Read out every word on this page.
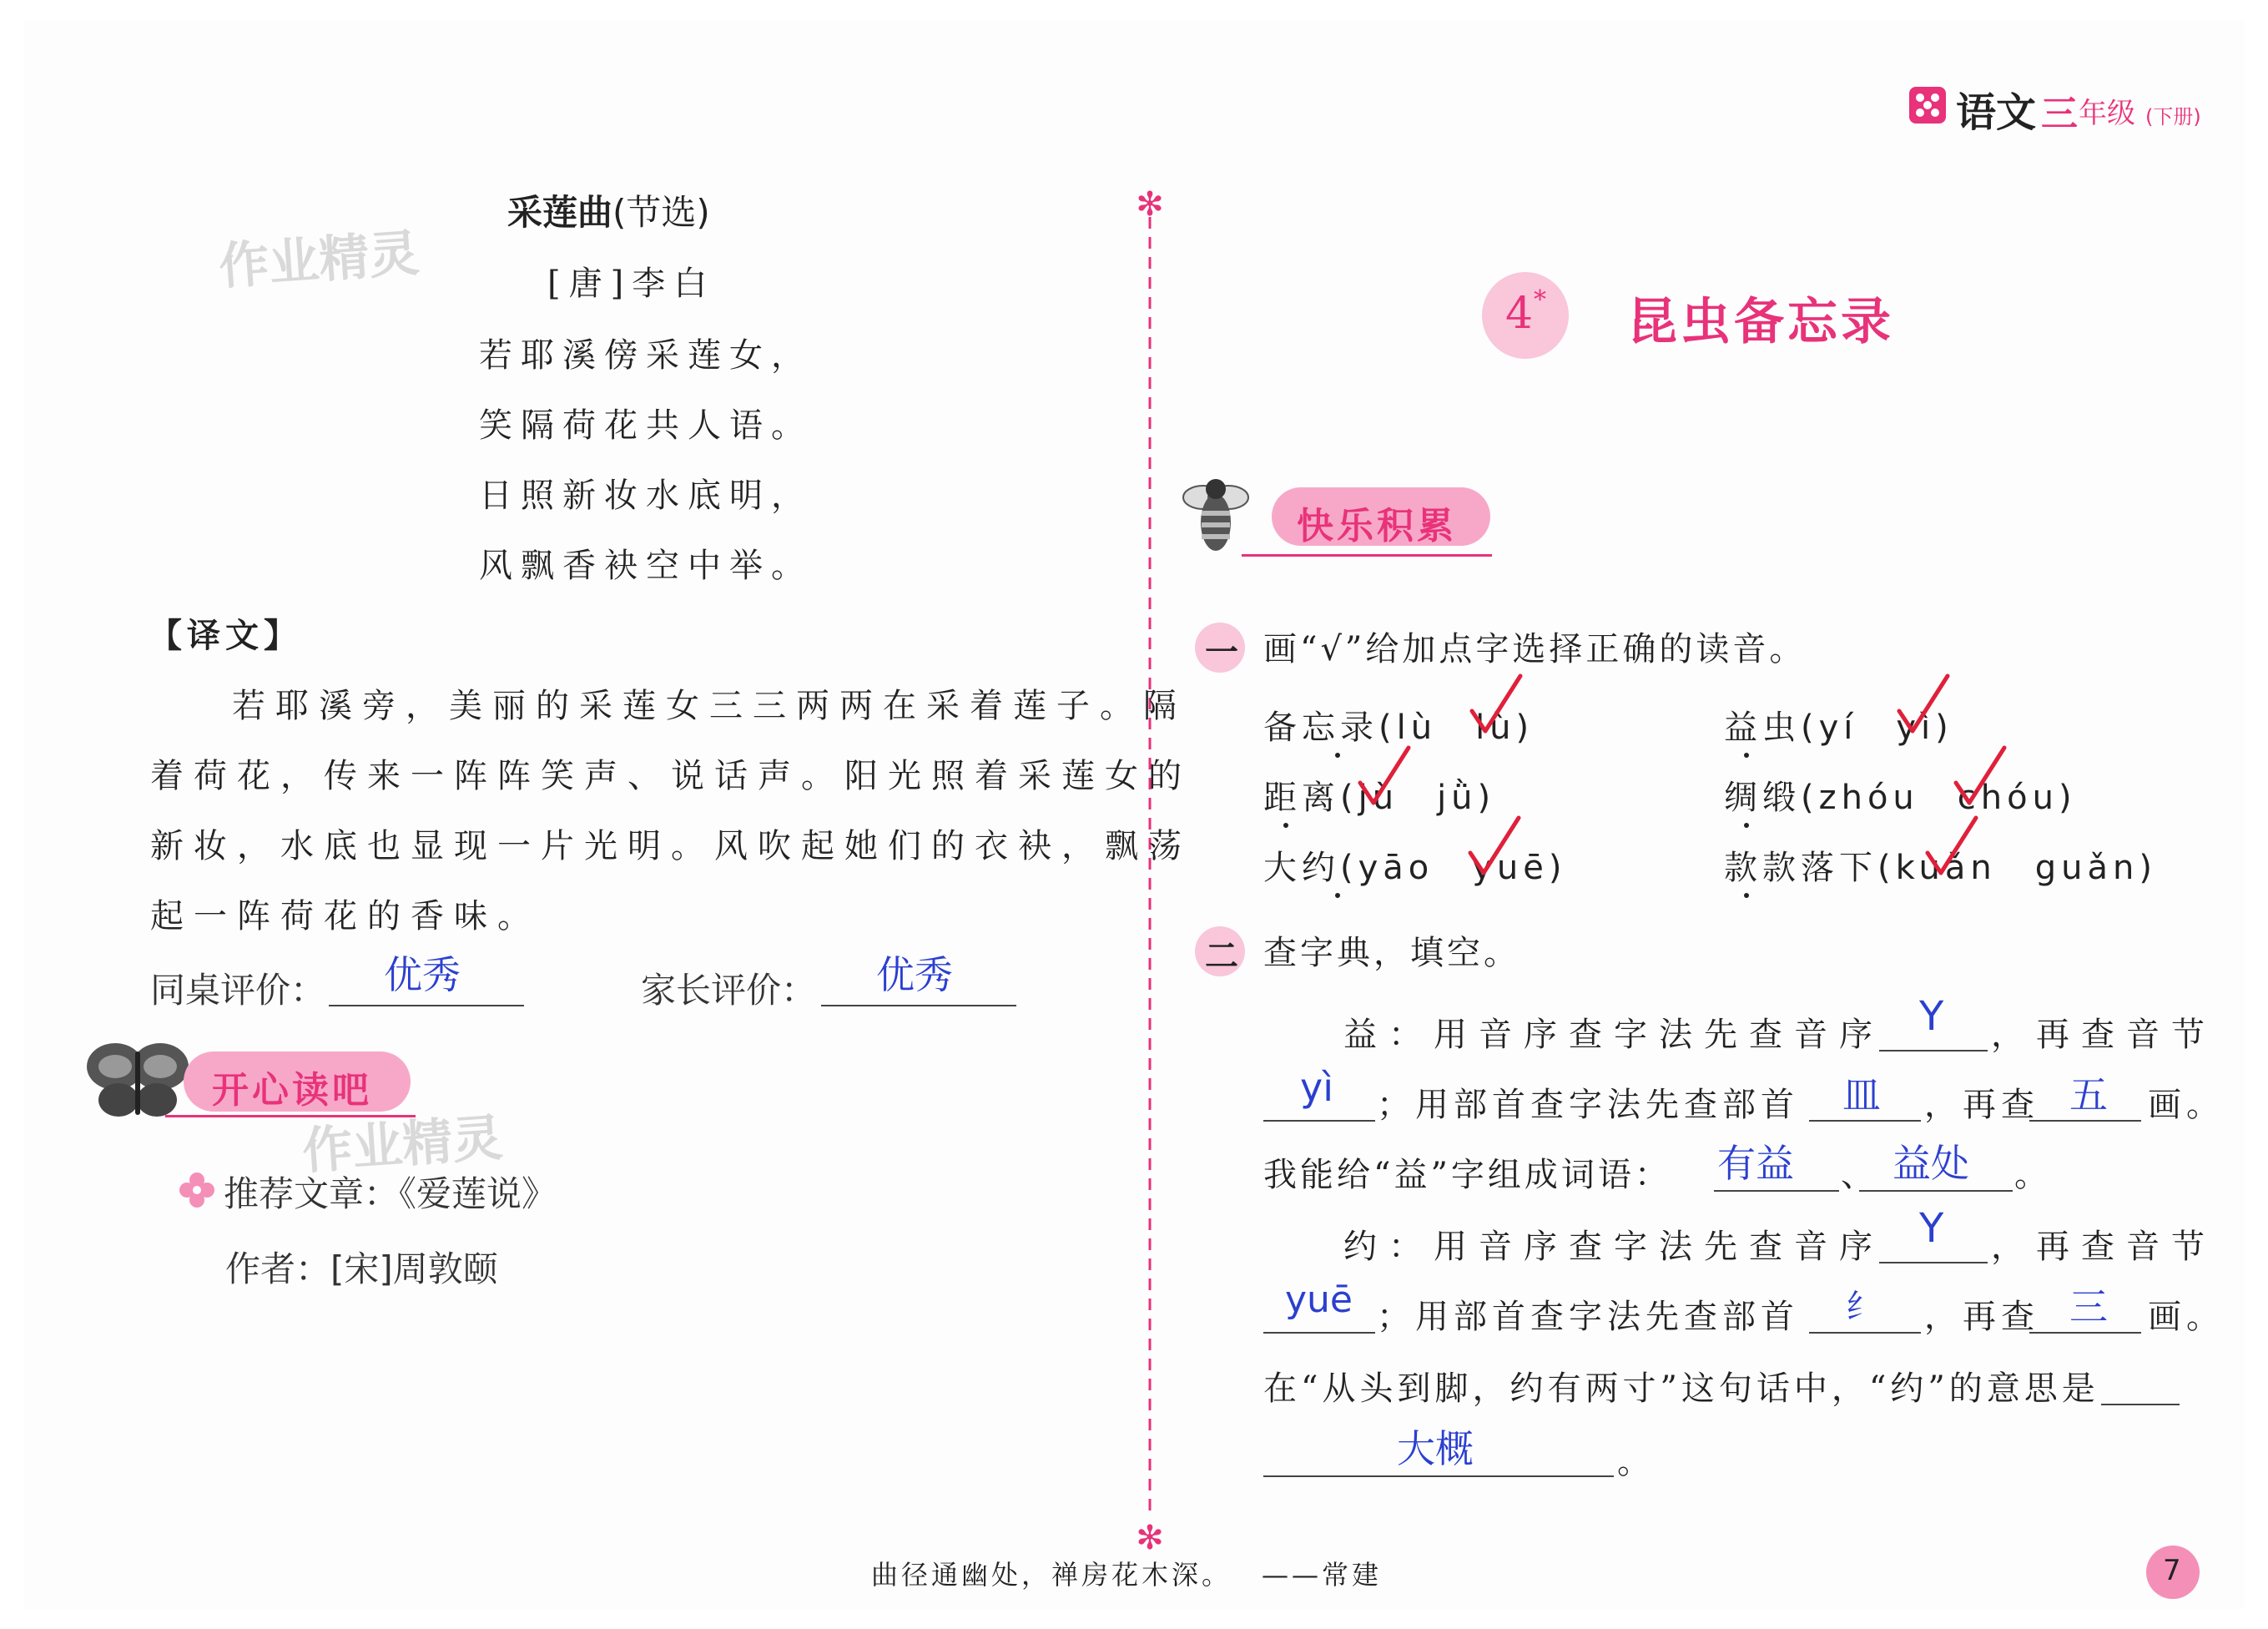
语文 三 年级 (下册)
✻
✻
作业精灵
采莲曲(节选)
[唐]李白
若耶溪傍采莲女，
笑隔荷花共人语。
日照新妆水底明，
风飘香袂空中举。
【译文】
若耶溪旁，美丽的采莲女三三两两在采着莲子。隔
着荷花，传来一阵阵笑声、说话声。阳光照着采莲女的
新妆，水底也显现一片光明。风吹起她们的衣袂，飘荡
起一阵荷花的香味。
同桌评价： 优秀	家长评价： 优秀
开心读吧
作业精灵
推荐文章：《爱莲说》
作者：[宋]周敦颐
4 * 昆虫备忘录
快乐积累
一 画“√”给加点字选择正确的读音。
备忘录(lù　lù)	益虫(yí　yì)
距离(jù　jǜ)	绸缎(zhóu　chóu)
大约(yāo　yuē)	款款落下(kuǎn　guǎn)
二 查字典，填空。
益：用音序查字法先查音序 Y ，再查音节
yì ；用部首查字法先查部首 皿 ，再查 五 画。
我能给“益”字组成词语： 有益 、 益处 。
约：用音序查字法先查音序 Y ，再查音节
yuē ；用部首查字法先查部首 纟 ，再查 三 画。
在“从头到脚，约有两寸”这句话中，“约”的意思是
大概	。
曲径通幽处，禅房花木深。 ——常建	7
